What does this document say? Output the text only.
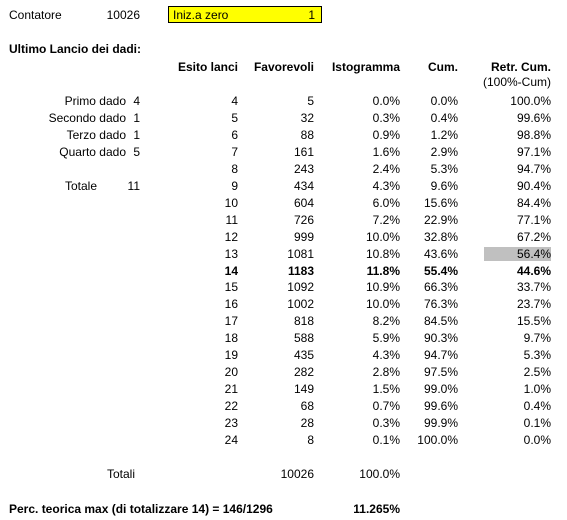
Contatore	10026	Iniz.a zero	1
Ultimo Lancio dei dadi:
Esito lanci	Favorevoli	Istogramma	Cum.	Retr. Cum.
(100%-Cum)
Primo dado 4
Secondo dado 1
Terzo dado 1
Quarto dado 5
Totale	11
4	5	0.0%	0.0%	100.0%
5	32	0.3%	0.4%	99.6%
6	88	0.9%	1.2%	98.8%
7	161	1.6%	2.9%	97.1%
8	243	2.4%	5.3%	94.7%
9	434	4.3%	9.6%	90.4%
10	604	6.0%	15.6%	84.4%
11	726	7.2%	22.9%	77.1%
12	999	10.0%	32.8%	67.2%
13	1081	10.8%	43.6%	56.4%
14	1183	11.8%	55.4%	44.6%
15	1092	10.9%	66.3%	33.7%
16	1002	10.0%	76.3%	23.7%
17	818	8.2%	84.5%	15.5%
18	588	5.9%	90.3%	9.7%
19	435	4.3%	94.7%	5.3%
20	282	2.8%	97.5%	2.5%
21	149	1.5%	99.0%	1.0%
22	68	0.7%	99.6%	0.4%
23	28	0.3%	99.9%	0.1%
24	8	0.1%	100.0%	0.0%
Totali	10026	100.0%
Perc. teorica max (di totalizzare 14) = 146/1296	11.265%
